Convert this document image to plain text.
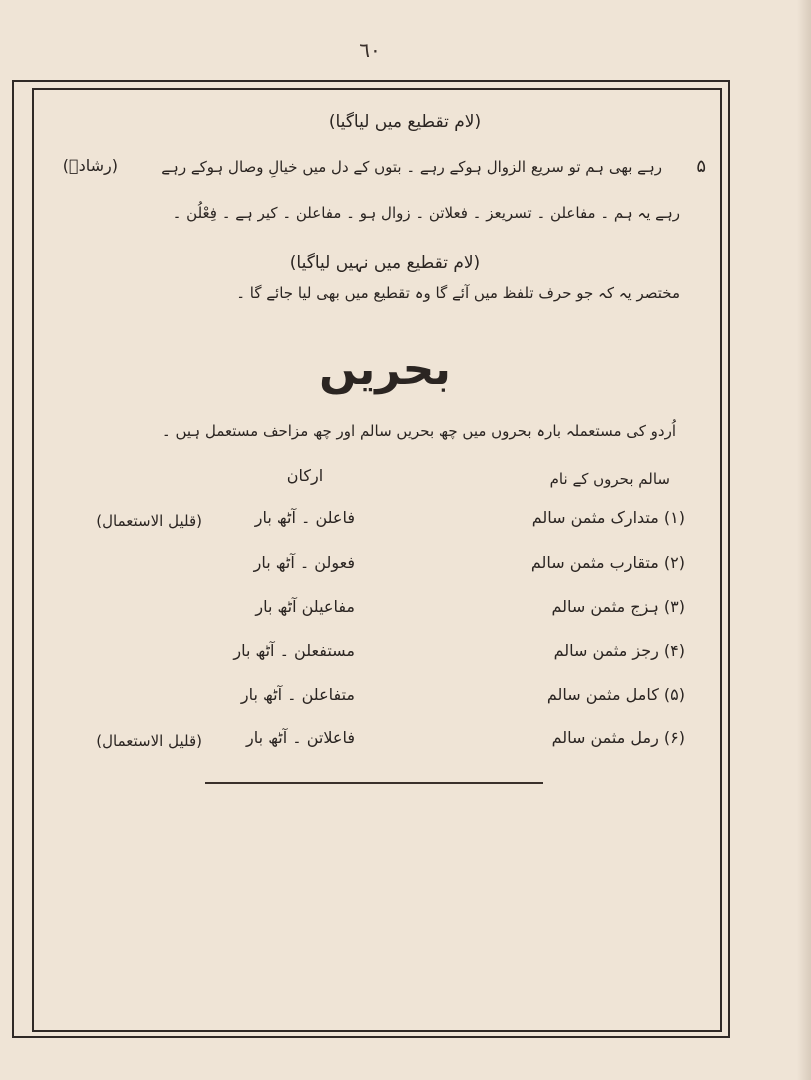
٦٠
(لام تقطیع میں لیاگیا)
۵
رہے بھی ہم تو سریع الزوال ہوکے رہے ۔ بتوں کے دل میں خیالِ وصال ہوکے رہے
(رشادؔ)
رہے یہ ہم ۔ مفاعلن ۔ تسریعز ۔ فعلاتن ۔ زوال ہو ۔ مفاعلن ۔ کیر ہے ۔ فِعْلُن ۔
(لام تقطیع میں نہیں لیاگیا)
مختصر یہ کہ جو حرف تلفظ میں آئے گا وہ تقطیع میں بھی لیا جائے گا ۔
بحریں
اُردو کی مستعملہ بارہ بحروں میں چھ بحریں سالم اور چھ مزاحف مستعمل ہیں ۔
سالم بحروں کے نام
ارکان
(۱) متدارک مثمن سالم
فاعلن ۔ آٹھ بار
(قلیل الاستعمال)
(۲) متقارب مثمن سالم
فعولن ۔ آٹھ بار
(۳) ہزج مثمن سالم
مفاعیلن آٹھ بار
(۴) رجز مثمن سالم
مستفعلن ۔ آٹھ بار
(۵) کامل مثمن سالم
متفاعلن ۔ آٹھ بار
(۶) رمل مثمن سالم
فاعلاتن ۔ آٹھ بار
(قلیل الاستعمال)
